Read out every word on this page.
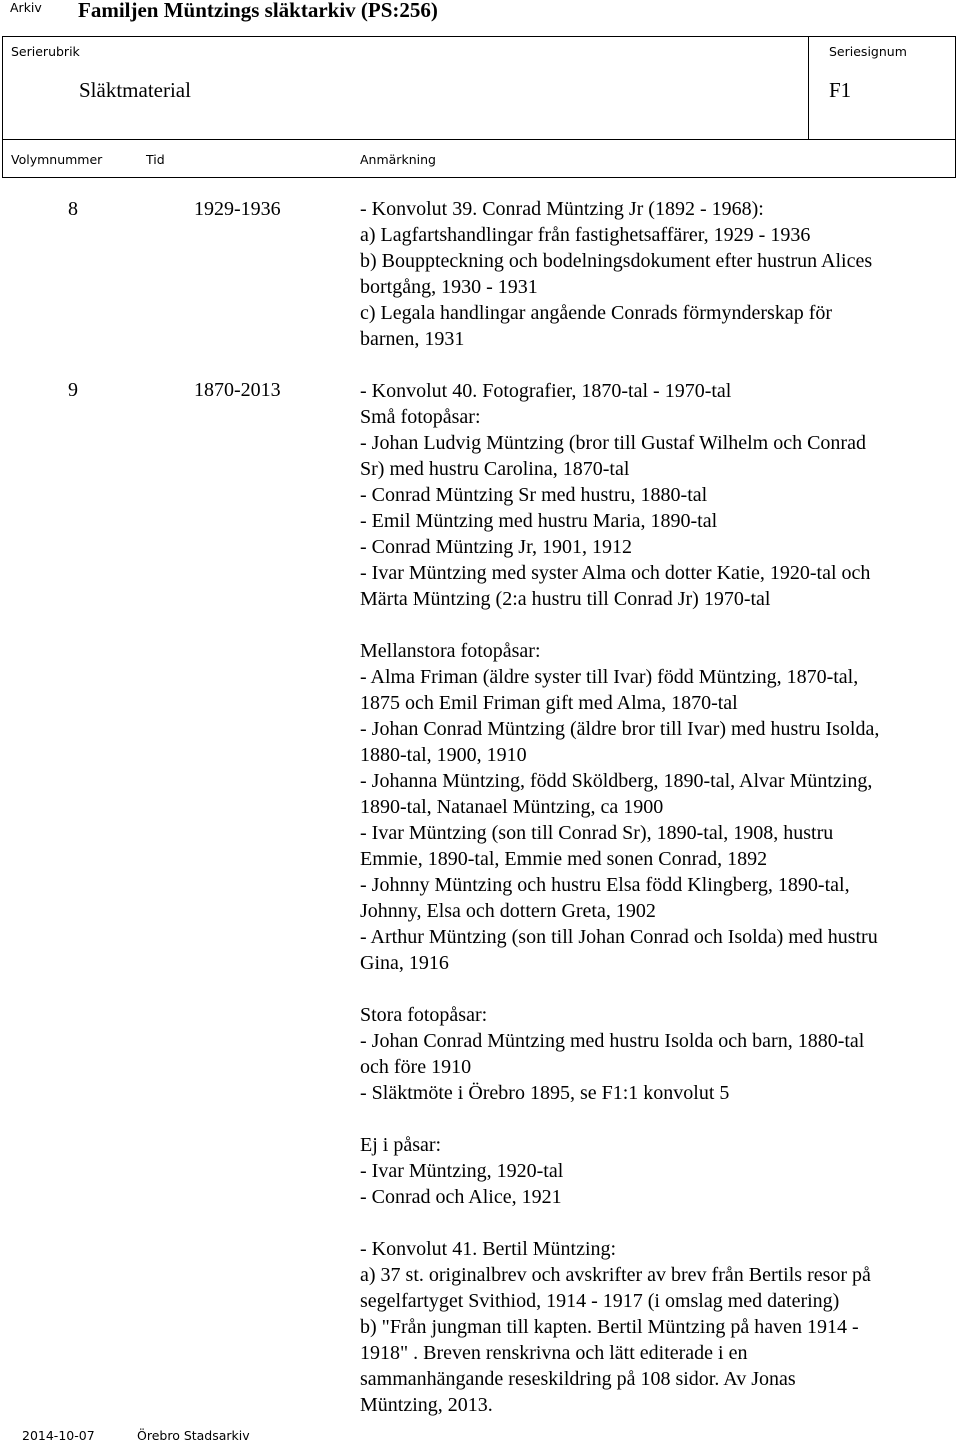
Arkiv Familjen Müntzings släktarkiv (PS:256)
Serierubrik
Släktmaterial
Seriesignum
F1
Volymnummer	Tid	Anmärkning
8	1929-1936	- Konvolut 39. Conrad Müntzing Jr (1892 - 1968):
a) Lagfartshandlingar från fastighetsaffärer, 1929 - 1936
b) Bouppteckning och bodelningsdokument efter hustrun Alices
bortgång, 1930 - 1931
c) Legala handlingar angående Conrads förmynderskap för
barnen, 1931
9	1870-2013	- Konvolut 40. Fotografier, 1870-tal - 1970-tal
Små fotopåsar:
- Johan Ludvig Müntzing (bror till Gustaf Wilhelm och Conrad
Sr) med hustru Carolina, 1870-tal
- Conrad Müntzing Sr med hustru, 1880-tal
- Emil Müntzing med hustru Maria, 1890-tal
- Conrad Müntzing Jr, 1901, 1912
- Ivar Müntzing med syster Alma och dotter Katie, 1920-tal och
Märta Müntzing (2:a hustru till Conrad Jr) 1970-tal

Mellanstora fotopåsar:
- Alma Friman (äldre syster till Ivar) född Müntzing, 1870-tal,
1875 och Emil Friman gift med Alma, 1870-tal
- Johan Conrad Müntzing (äldre bror till Ivar) med hustru Isolda,
1880-tal, 1900, 1910
- Johanna Müntzing, född Sköldberg, 1890-tal, Alvar Müntzing,
1890-tal, Natanael Müntzing, ca 1900
- Ivar Müntzing (son till Conrad Sr), 1890-tal, 1908, hustru
Emmie, 1890-tal, Emmie med sonen Conrad, 1892
- Johnny Müntzing och hustru Elsa född Klingberg, 1890-tal,
Johnny, Elsa och dottern Greta, 1902
- Arthur Müntzing (son till Johan Conrad och Isolda) med hustru
Gina, 1916

Stora fotopåsar:
- Johan Conrad Müntzing med hustru Isolda och barn, 1880-tal
och före 1910
- Släktmöte i Örebro 1895, se F1:1 konvolut 5

Ej i påsar:
- Ivar Müntzing, 1920-tal
- Conrad och Alice, 1921

- Konvolut 41. Bertil Müntzing:
a) 37 st. originalbrev och avskrifter av brev från Bertils resor på
segelfartyget Svithiod, 1914 - 1917 (i omslag med datering)
b) "Från jungman till kapten. Bertil Müntzing på haven 1914 -
1918" . Breven renskrivna och lätt editerade i en
sammanhängande reseskildring på 108 sidor. Av Jonas
Müntzing, 2013.
2014-10-07	Örebro Stadsarkiv
